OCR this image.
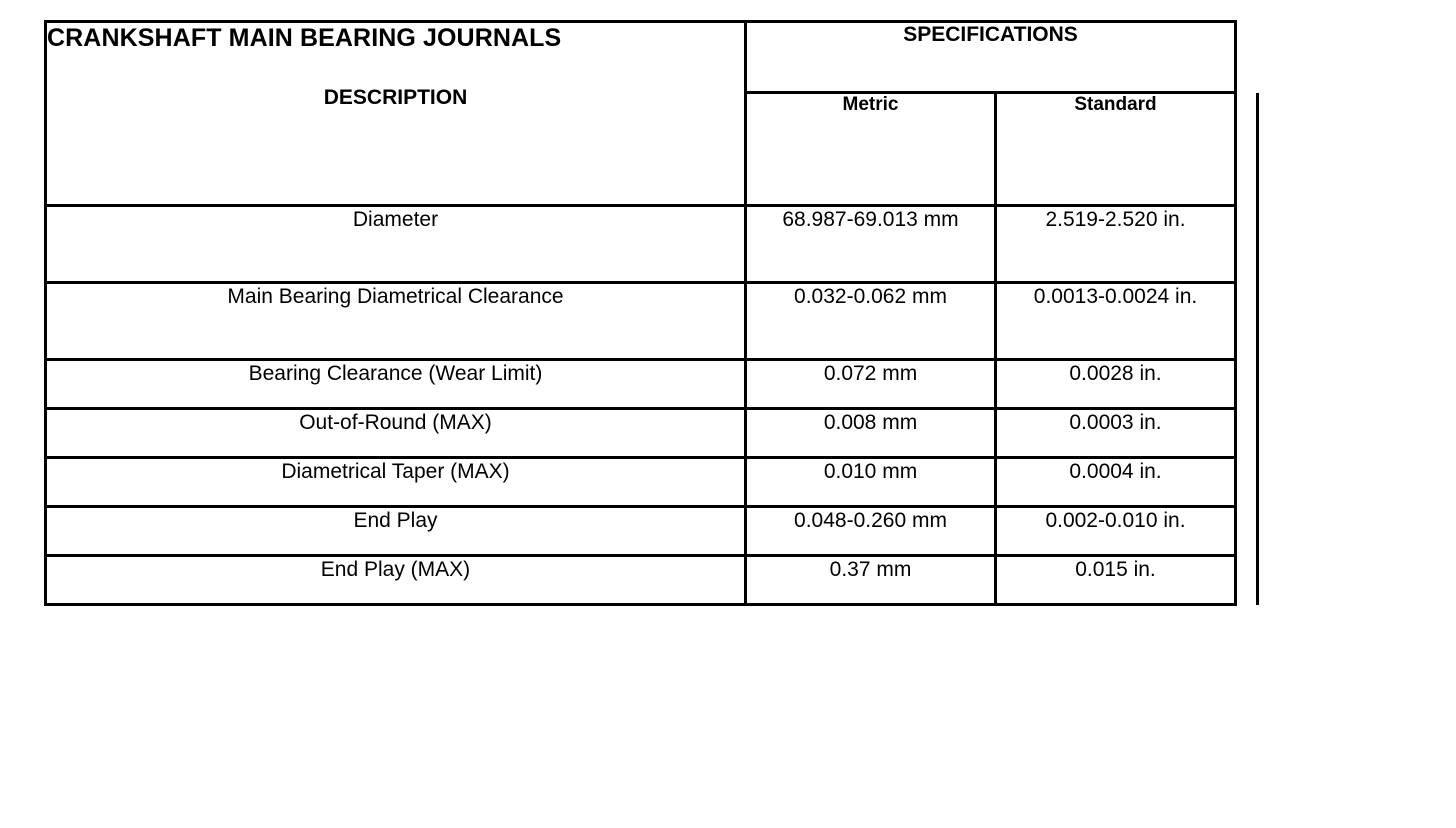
CRANKSHAFT MAIN BEARING JOURNALS
DESCRIPTION	SPECIFICATIONS		
	Metric	Standard	
Diameter	68.987-69.013 mm	2.519-2.520 in.	
Main Bearing Diametrical Clearance	0.032-0.062 mm	0.0013-0.0024 in.	
Bearing Clearance (Wear Limit)	0.072 mm	0.0028 in.	
Out-of-Round (MAX)	0.008 mm	0.0003 in.	
Diametrical Taper (MAX)	0.010 mm	0.0004 in.	
End Play	0.048-0.260 mm	0.002-0.010 in.	
End Play (MAX)	0.37 mm	0.015 in.	
